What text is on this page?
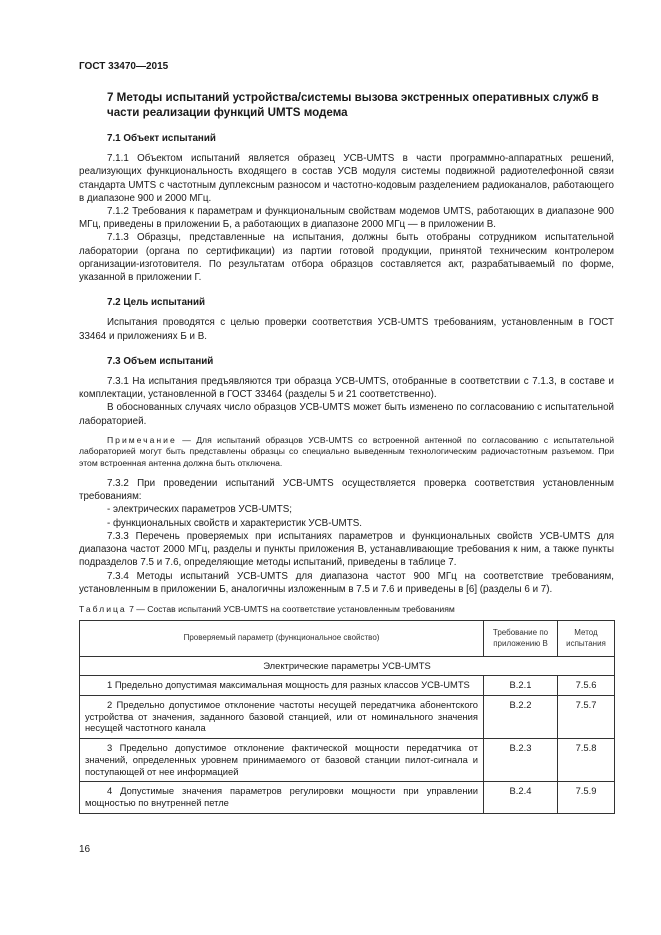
ГОСТ 33470—2015

7 Методы испытаний устройства/системы вызова экстренных оперативных служб в части реализации функций UMTS модема

7.1 Объект испытаний

7.1.1 Объектом испытаний является образец УСВ-UMTS в части программно-аппаратных решений, реализующих функциональность входящего в состав УСВ модуля системы подвижной радиотелефонной связи стандарта UMTS с частотным дуплексным разносом и частотно-кодовым разделением радиоканалов, работающего в диапазоне 900 и 2000 МГц.

7.1.2 Требования к параметрам и функциональным свойствам модемов UMTS, работающих в диапазоне 900 МГц, приведены в приложении Б, а работающих в диапазоне 2000 МГц — в приложении В.

7.1.3 Образцы, представленные на испытания, должны быть отобраны сотрудником испытательной лаборатории (органа по сертификации) из партии готовой продукции, принятой техническим контролером организации-изготовителя. По результатам отбора образцов составляется акт, разрабатываемый по форме, указанной в приложении Г.

7.2 Цель испытаний

Испытания проводятся с целью проверки соответствия УСВ-UMTS требованиям, установленным в ГОСТ 33464 и приложениях Б и В.

7.3 Объем испытаний

7.3.1 На испытания предъявляются три образца УСВ-UMTS, отобранные в соответствии с 7.1.3, в составе и комплектации, установленной в ГОСТ 33464 (разделы 5 и 21 соответственно).

В обоснованных случаях число образцов УСВ-UMTS может быть изменено по согласованию с испытательной лабораторией.

Примечание — Для испытаний образцов УСВ-UMTS со встроенной антенной по согласованию с испытательной лабораторией могут быть представлены образцы со специально выведенным технологическим радиочастотным разъемом. При этом встроенная антенна должна быть отключена.

7.3.2 При проведении испытаний УСВ-UMTS осуществляется проверка соответствия установленным требованиям:

- электрических параметров УСВ-UMTS;

- функциональных свойств и характеристик УСВ-UMTS.

7.3.3 Перечень проверяемых при испытаниях параметров и функциональных свойств УСВ-UMTS для диапазона частот 2000 МГц, разделы и пункты приложения В, устанавливающие требования к ним, а также пункты подразделов 7.5 и 7.6, определяющие методы испытаний, приведены в таблице 7.

7.3.4 Методы испытаний УСВ-UMTS для диапазона частот 900 МГц на соответствие требованиям, установленным в приложении Б, аналогичны изложенным в 7.5 и 7.6 и приведены в [6] (разделы 6 и 7).

Таблица 7 — Состав испытаний УСВ-UMTS на соответствие установленным требованиям

Проверяемый параметр (функциональное свойство)	Требование по приложению В	Метод испытания
Электрические параметры УСВ-UMTS		
1 Предельно допустимая максимальная мощность для разных классов УСВ-UMTS	В.2.1	7.5.6
2 Предельно допустимое отклонение частоты несущей передатчика абонентского устройства от значения, заданного базовой станцией, или от номинального значения несущей частотного канала	В.2.2	7.5.7
3 Предельно допустимое отклонение фактической мощности передатчика от значений, определенных уровнем принимаемого от базовой станции пилот-сигнала и поступающей от нее информацией	В.2.3	7.5.8
4 Допустимые значения параметров регулировки мощности при управлении мощностью по внутренней петле	В.2.4	7.5.9
16
